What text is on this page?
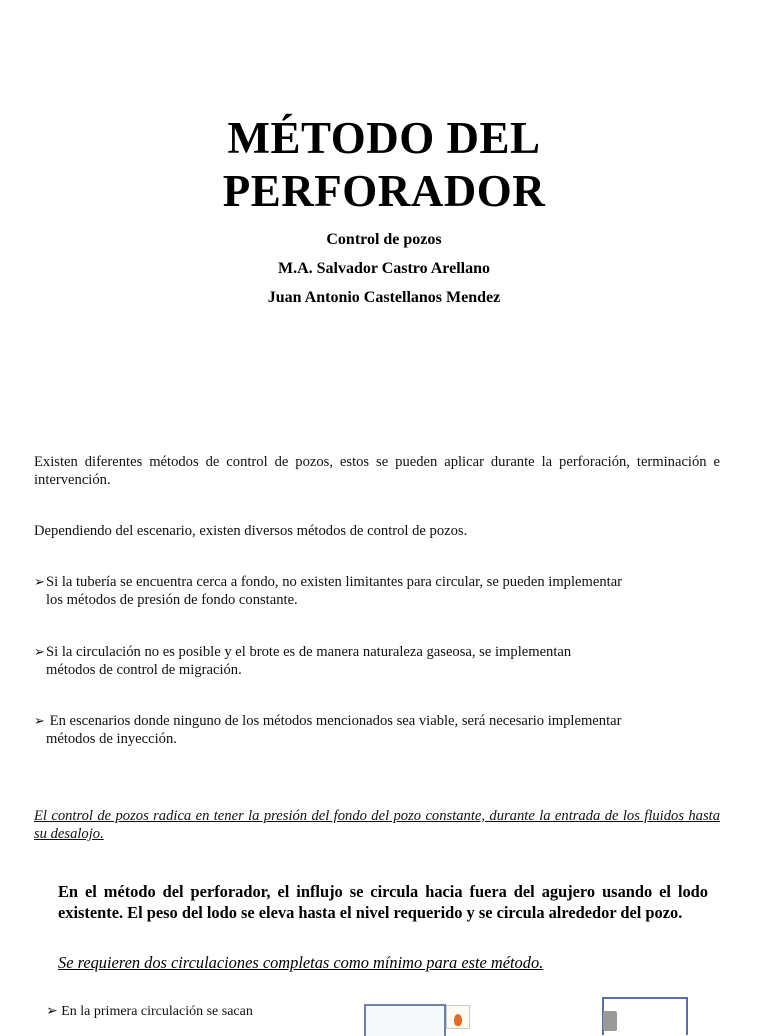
MÉTODO DEL
PERFORADOR
Control de pozos
M.A. Salvador Castro Arellano
Juan Antonio Castellanos Mendez
Existen diferentes métodos de control de pozos, estos se pueden aplicar durante la perforación, terminación e intervención.
Dependiendo del escenario, existen diversos métodos de control de pozos.
➢Si la tubería se encuentra cerca a fondo, no existen limitantes para circular, se pueden implementar
los métodos de presión de fondo constante.
➢Si la circulación no es posible y el brote es de manera naturaleza gaseosa, se implementan
métodos de control de migración.
➢ En escenarios donde ninguno de los métodos mencionados sea viable, será necesario implementar
métodos de inyección.
El control de pozos radica en tener la presión del fondo del pozo constante, durante la entrada de los fluidos hasta su desalojo.
En el método del perforador, el influjo se circula hacia fuera del agujero usando el lodo existente. El peso del lodo se eleva hasta el nivel requerido y se circula alrededor del pozo.
Se requieren dos circulaciones completas como mínimo para este método.
➢ En la primera circulación se sacan
